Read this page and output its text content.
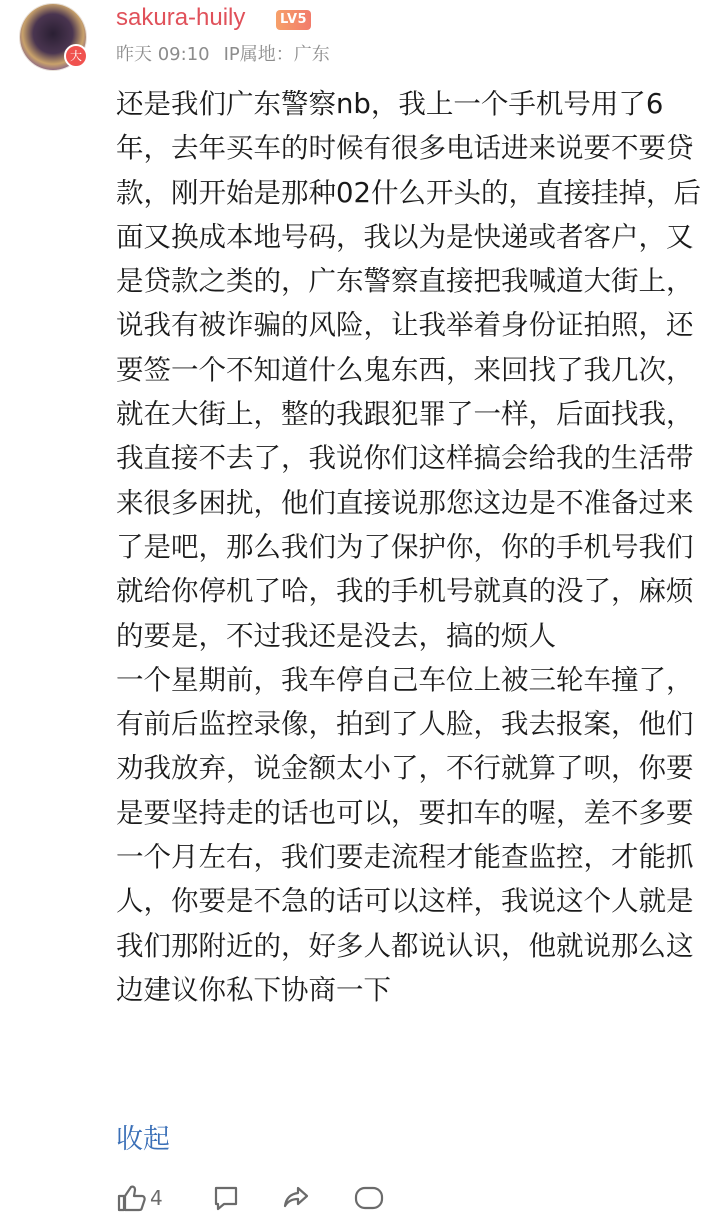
大
sakura-huily	LV5
昨天 09:10 IP属地：广东

还是我们广东警察nb，我上一个手机号用了6年，去年买车的时候有很多电话进来说要不要贷款，刚开始是那种02什么开头的，直接挂掉，后面又换成本地号码，我以为是快递或者客户，又是贷款之类的，广东警察直接把我喊道大街上，说我有被诈骗的风险，让我举着身份证拍照，还要签一个不知道什么鬼东西，来回找了我几次，就在大街上，整的我跟犯罪了一样，后面找我，我直接不去了，我说你们这样搞会给我的生活带来很多困扰，他们直接说那您这边是不准备过来了是吧，那么我们为了保护你，你的手机号我们就给你停机了哈，我的手机号就真的没了，麻烦的要是，不过我还是没去，搞的烦人

一个星期前，我车停自己车位上被三轮车撞了，有前后监控录像，拍到了人脸，我去报案，他们劝我放弃，说金额太小了，不行就算了呗，你要是要坚持走的话也可以，要扣车的喔，差不多要一个月左右，我们要走流程才能查监控，才能抓人，你要是不急的话可以这样，我说这个人就是我们那附近的，好多人都说认识，他就说那么这边建议你私下协商一下

收起
4
